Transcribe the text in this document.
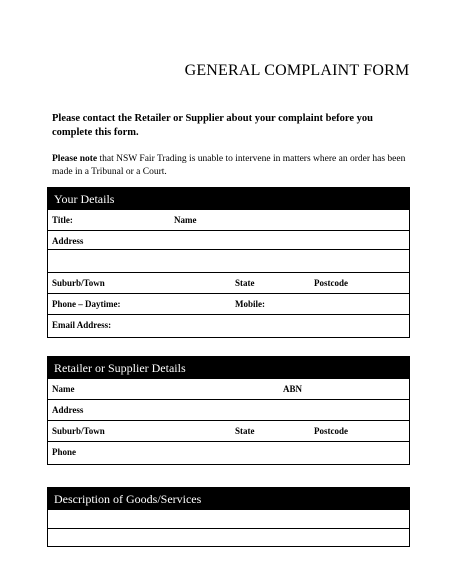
GENERAL COMPLAINT FORM
Please contact the Retailer or Supplier about your complaint before you complete this form.
Please note that NSW Fair Trading is unable to intervene in matters where an order has been made in a Tribunal or a Court.
Your Details
Title:	Name
Address
Suburb/Town	State	Postcode
Phone – Daytime:	Mobile:
Email Address:
Retailer or Supplier Details
Name	ABN
Address
Suburb/Town	State	Postcode
Phone
Description of Goods/Services
